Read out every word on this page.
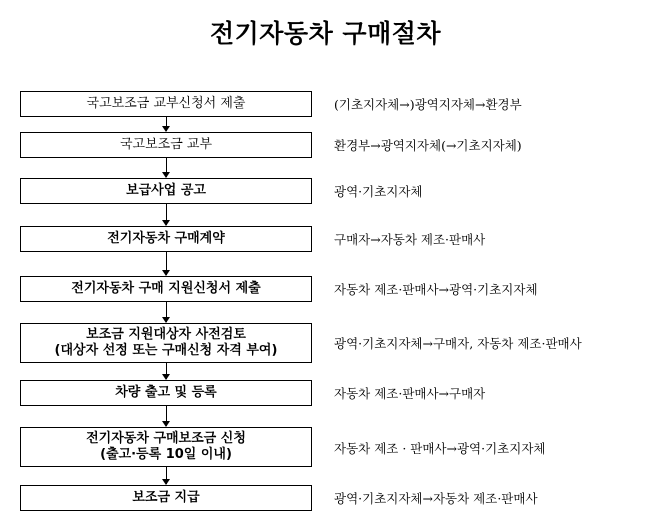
전기자동차 구매절차
국고보조금 교부신청서 제출	(기초지자체→)광역지자체→환경부
국고보조금 교부	환경부→광역지자체(→기초지자체)
보급사업 공고	광역·기초지자체
전기자동차 구매계약	구매자→자동차 제조·판매사
전기자동차 구매 지원신청서 제출	자동차 제조·판매사→광역·기초지자체
보조금 지원대상자 사전검토
(대상자 선정 또는 구매신청 자격 부여)	광역·기초지자체→구매자, 자동차 제조·판매사
차량 출고 및 등록	자동차 제조·판매사→구매자
전기자동차 구매보조금 신청
(출고·등록 10일 이내)	자동차 제조 · 판매사→광역·기초지자체
보조금 지급	광역·기초지자체→자동차 제조·판매사
